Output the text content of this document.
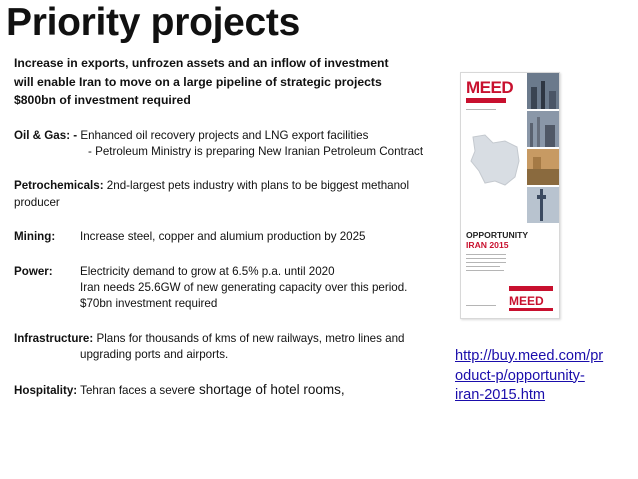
Priority projects
Increase in exports, unfrozen assets and an inflow of investment
will enable Iran to move on a large pipeline of strategic projects
$800bn of investment required
Oil & Gas: - Enhanced oil recovery projects and LNG export facilities
- Petroleum Ministry is preparing New Iranian Petroleum Contract
Petrochemicals: 2nd-largest pets industry with plans to be biggest methanol
producer
Mining:	Increase steel, copper and alumium production by 2025
Power:	Electricity demand to grow at 6.5% p.a. until 2020
Iran needs 25.6GW of new generating capacity over this period.
$70bn investment required
Infrastructure: Plans for thousands of kms of new railways, metro lines and
upgrading ports and airports.
Hospitality: Tehran faces a severe shortage of hotel rooms,
MEED
OPPORTUNITY
IRAN 2015
MEED
http://buy.meed.com/pr
oduct-p/opportunity-
iran-2015.htm
